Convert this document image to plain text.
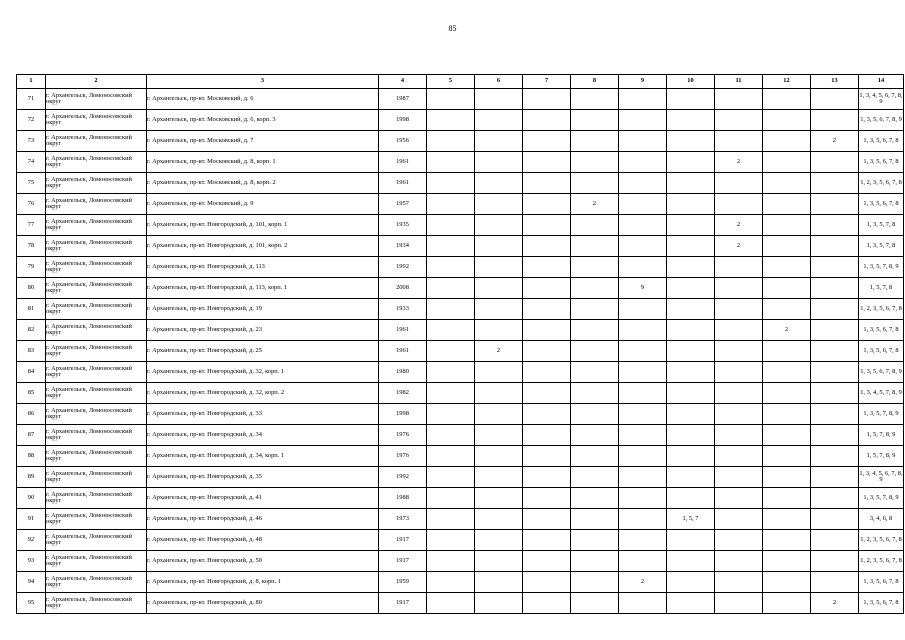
85
1	2	3	4	5	6	7	8	9	10	11	12	13	14
71	г. Архангельск, Ломоносовский округ	г. Архангельск, пр-кт. Московский, д. 6	1987										1, 3, 4, 5, 6, 7, 8, 9
72	г. Архангельск, Ломоносовский округ	г. Архангельск, пр-кт. Московский, д. 6, корп. 3	1998										1, 3, 5, 6, 7, 8, 9
73	г. Архангельск, Ломоносовский округ	г. Архангельск, пр-кт. Московский, д. 7	1956									2	1, 3, 5, 6, 7, 8
74	г. Архангельск, Ломоносовский округ	г. Архангельск, пр-кт. Московский, д. 8, корп. 1	1961							2			1, 3, 5, 6, 7, 8
75	г. Архангельск, Ломоносовский округ	г. Архангельск, пр-кт. Московский, д. 8, корп. 2	1961										1, 2, 3, 5, 6, 7, 8
76	г. Архангельск, Ломоносовский округ	г. Архангельск, пр-кт. Московский, д. 9	1957				2						1, 3, 5, 6, 7, 8
77	г. Архангельск, Ломоносовский округ	г. Архангельск, пр-кт. Новгородский, д. 101, корп. 1	1935							2			1, 3, 5, 7, 8
78	г. Архангельск, Ломоносовский округ	г. Архангельск, пр-кт. Новгородский, д. 101, корп. 2	1934							2			1, 3, 5, 7, 8
79	г. Архангельск, Ломоносовский округ	г. Архангельск, пр-кт. Новгородский, д. 113	1992										1, 3, 5, 7, 8, 9
80	г. Архангельск, Ломоносовский округ	г. Архангельск, пр-кт. Новгородский, д. 113, корп. 1	2008					9					1, 5, 7, 8
81	г. Архангельск, Ломоносовский округ	г. Архангельск, пр-кт. Новгородский, д. 19	1933										1, 2, 3, 5, 6, 7, 8
82	г. Архангельск, Ломоносовский округ	г. Архангельск, пр-кт. Новгородский, д. 23	1961								2		1, 3, 5, 6, 7, 8
83	г. Архангельск, Ломоносовский округ	г. Архангельск, пр-кт. Новгородский, д. 25	1961		2								1, 3, 5, 6, 7, 8
84	г. Архангельск, Ломоносовский округ	г. Архангельск, пр-кт. Новгородский, д. 32, корп. 1	1980										1, 3, 5, 6, 7, 8, 9
85	г. Архангельск, Ломоносовский округ	г. Архангельск, пр-кт. Новгородский, д. 32, корп. 2	1982										1, 3, 4, 5, 7, 8, 9
86	г. Архангельск, Ломоносовский округ	г. Архангельск, пр-кт. Новгородский, д. 33	1998										1, 3, 5, 7, 8, 9
87	г. Архангельск, Ломоносовский округ	г. Архангельск, пр-кт. Новгородский, д. 34	1976										1, 5, 7, 8, 9
88	г. Архангельск, Ломоносовский округ	г. Архангельск, пр-кт. Новгородский, д. 34, корп. 1	1976										1, 5, 7, 8, 9
89	г. Архангельск, Ломоносовский округ	г. Архангельск, пр-кт. Новгородский, д. 35	1992										1, 3, 4, 5, 6, 7, 8, 9
90	г. Архангельск, Ломоносовский округ	г. Архангельск, пр-кт. Новгородский, д. 41	1988										1, 3, 5, 7, 8, 9
91	г. Архангельск, Ломоносовский округ	г. Архангельск, пр-кт. Новгородский, д. 46	1973						1, 5, 7				3, 4, 6, 8
92	г. Архангельск, Ломоносовский округ	г. Архангельск, пр-кт. Новгородский, д. 48	1917										1, 2, 3, 5, 6, 7, 8
93	г. Архангельск, Ломоносовский округ	г. Архангельск, пр-кт. Новгородский, д. 50	1917										1, 2, 3, 5, 6, 7, 8
94	г. Архангельск, Ломоносовский округ	г. Архангельск, пр-кт. Новгородский, д. 8, корп. 1	1959					2					1, 3, 5, 6, 7, 8
95	г. Архангельск, Ломоносовский округ	г. Архангельск, пр-кт. Новгородский, д. 80	1917									2	1, 3, 5, 6, 7, 8
